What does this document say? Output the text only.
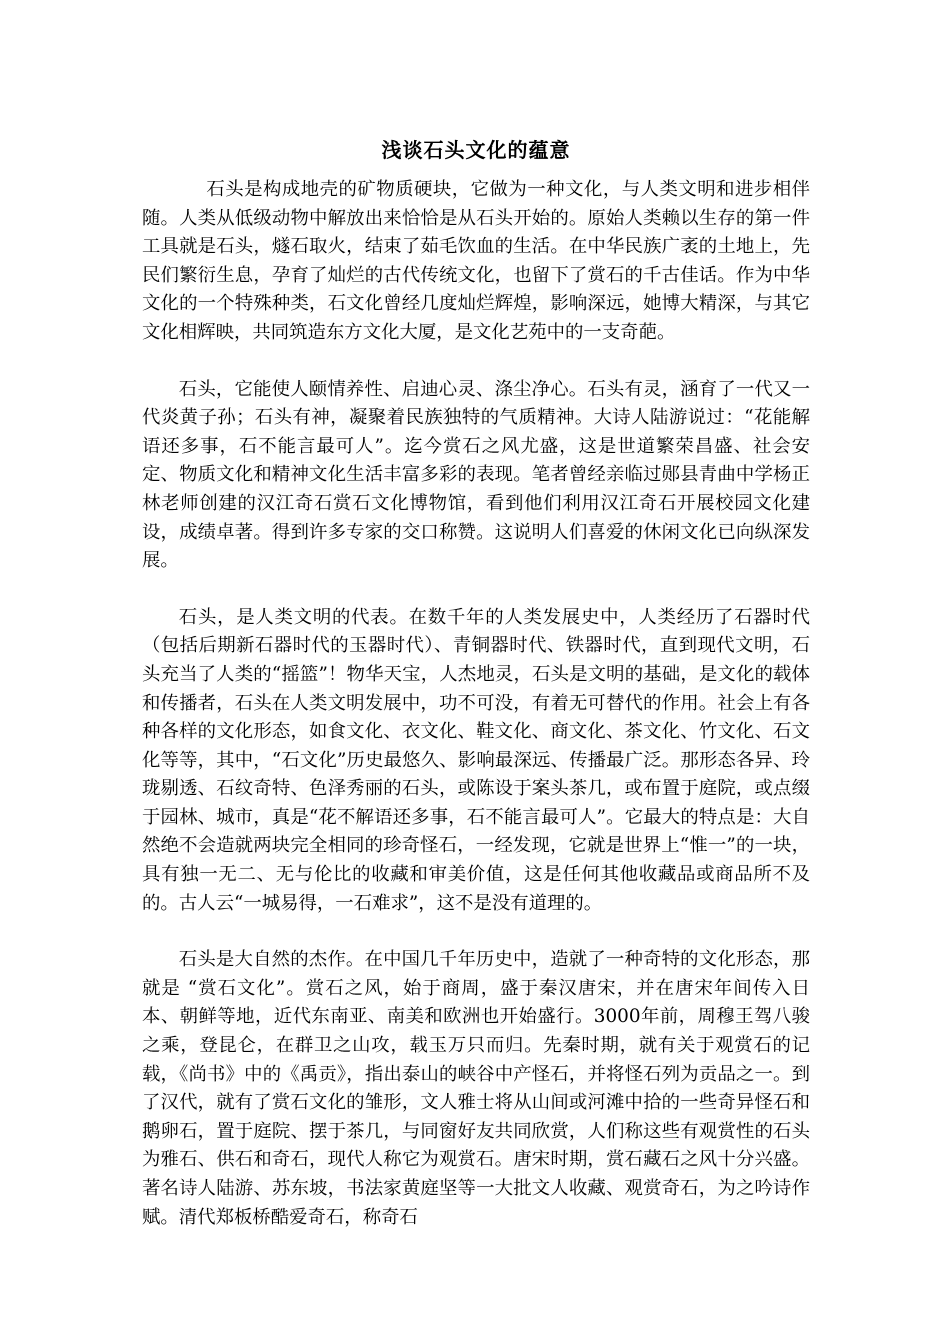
浅谈石头文化的蕴意

石头是构成地壳的矿物质硬块，它做为一种文化，与人类文明和进步相伴随。人类从低级动物中解放出来恰恰是从石头开始的。原始人类赖以生存的第一件工具就是石头，燧石取火，结束了茹毛饮血的生活。在中华民族广袤的土地上，先民们繁衍生息，孕育了灿烂的古代传统文化，也留下了赏石的千古佳话。作为中华文化的一个特殊种类，石文化曾经几度灿烂辉煌，影响深远，她博大精深，与其它文化相辉映，共同筑造东方文化大厦，是文化艺苑中的一支奇葩。

石头，它能使人颐情养性、启迪心灵、涤尘净心。石头有灵，涵育了一代又一代炎黄子孙；石头有神，凝聚着民族独特的气质精神。大诗人陆游说过：“花能解语还多事，石不能言最可人”。迄今赏石之风尤盛，这是世道繁荣昌盛、社会安定、物质文化和精神文化生活丰富多彩的表现。笔者曾经亲临过郧县青曲中学杨正林老师创建的汉江奇石赏石文化博物馆，看到他们利用汉江奇石开展校园文化建设，成绩卓著。得到许多专家的交口称赞。这说明人们喜爱的休闲文化已向纵深发展。

石头，是人类文明的代表。在数千年的人类发展史中，人类经历了石器时代（包括后期新石器时代的玉器时代）、青铜器时代、铁器时代，直到现代文明，石头充当了人类的“摇篮”！物华天宝，人杰地灵，石头是文明的基础，是文化的载体和传播者，石头在人类文明发展中，功不可没，有着无可替代的作用。社会上有各种各样的文化形态，如食文化、衣文化、鞋文化、商文化、茶文化、竹文化、石文化等等，其中，“石文化”历史最悠久、影响最深远、传播最广泛。那形态各异、玲珑剔透、石纹奇特、色泽秀丽的石头，或陈设于案头茶几，或布置于庭院，或点缀于园林、城市，真是“花不解语还多事，石不能言最可人”。它最大的特点是：大自然绝不会造就两块完全相同的珍奇怪石，一经发现，它就是世界上“惟一”的一块，具有独一无二、无与伦比的收藏和审美价值，这是任何其他收藏品或商品所不及的。古人云“一城易得，一石难求”，这不是没有道理的。

石头是大自然的杰作。在中国几千年历史中，造就了一种奇特的文化形态，那就是 “赏石文化”。赏石之风，始于商周，盛于秦汉唐宋，并在唐宋年间传入日本、朝鲜等地，近代东南亚、南美和欧洲也开始盛行。3000年前，周穆王驾八骏之乘，登昆仑，在群卫之山攻，载玉万只而归。先秦时期，就有关于观赏石的记载，《尚书》中的《禹贡》，指出泰山的峡谷中产怪石，并将怪石列为贡品之一。到了汉代，就有了赏石文化的雏形，文人雅士将从山间或河滩中拾的一些奇异怪石和鹅卵石，置于庭院、摆于茶几，与同窗好友共同欣赏，人们称这些有观赏性的石头为雅石、供石和奇石，现代人称它为观赏石。唐宋时期，赏石藏石之风十分兴盛。著名诗人陆游、苏东坡，书法家黄庭坚等一大批文人收藏、观赏奇石，为之吟诗作赋。清代郑板桥酷爱奇石，称奇石
